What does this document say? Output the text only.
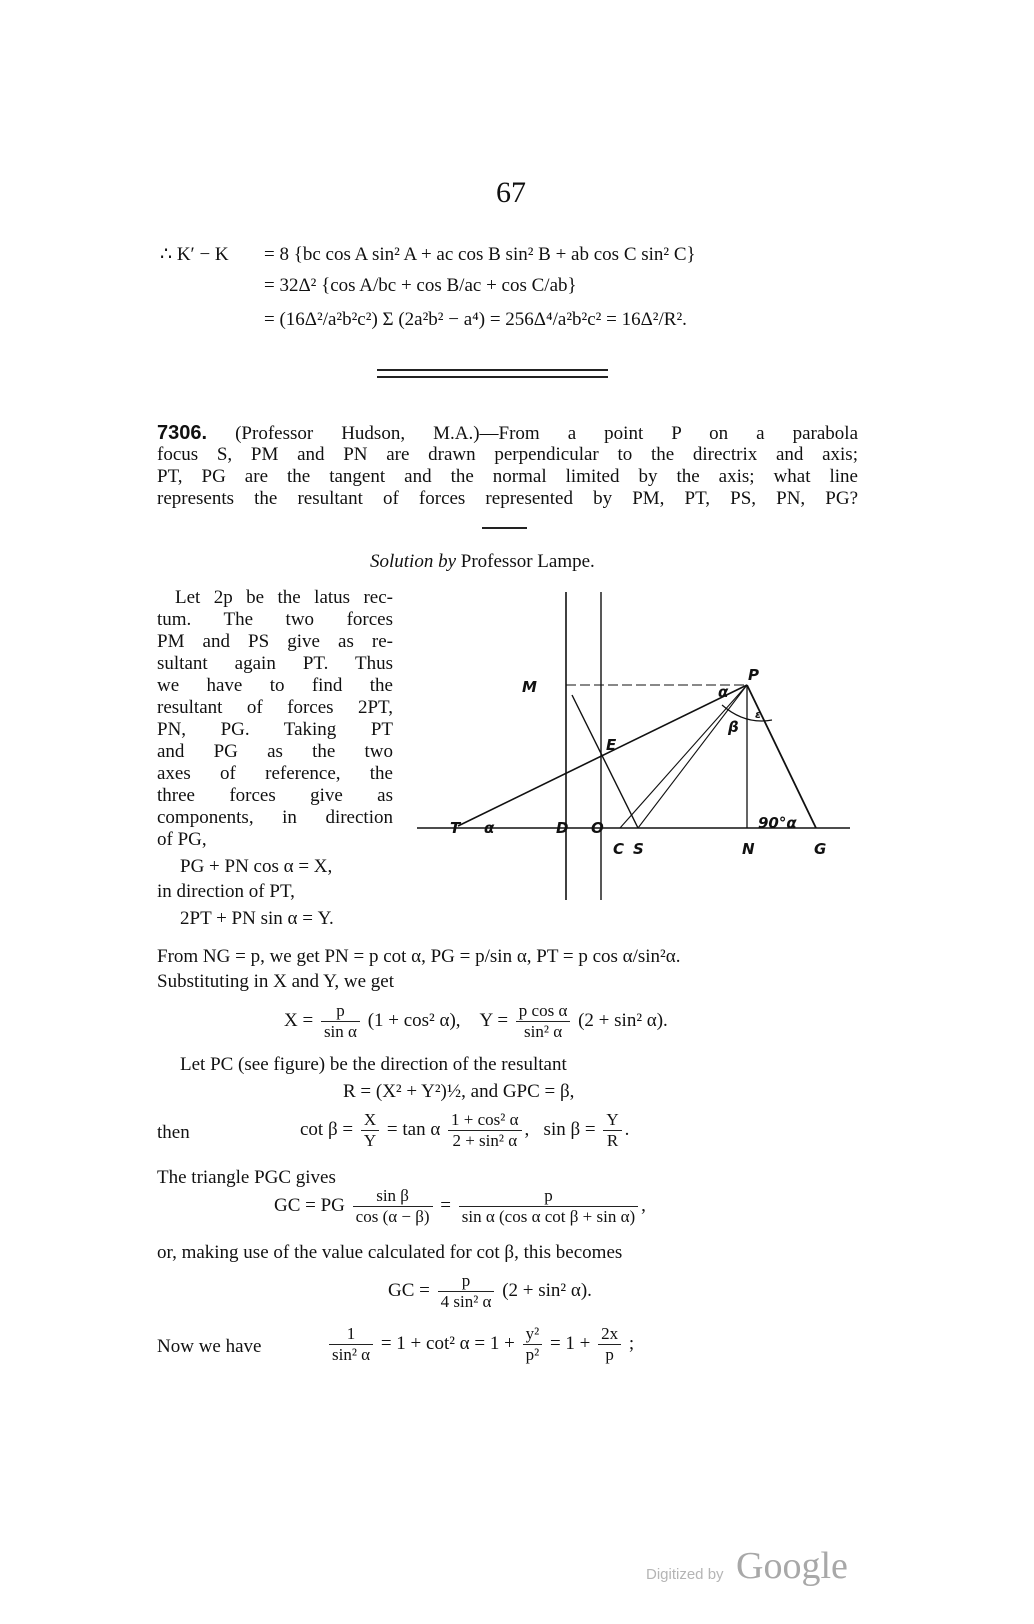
67
∴ K′ − K = 8 {bc cos A sin² A + ac cos B sin² B + ab cos C sin² C}
= 32Δ² {cos A/bc + cos B/ac + cos C/ab}
= (16Δ²/a²b²c²) Σ (2a²b² − a⁴) = 256Δ⁴/a²b²c² = 16Δ²/R².
7306. (Professor Hudson, M.A.)—From a point P on a parabola
focus S, PM and PN are drawn perpendicular to the directrix and axis;
PT, PG are the tangent and the normal limited by the axis; what line
represents the resultant of forces represented by PM, PT, PS, PN, PG?
Solution by Professor Lampe.
Let 2p be the latus rec-
tum. The two forces
PM and PS give as re-
sultant again PT. Thus
we have to find the
resultant of forces 2PT,
PN, PG. Taking PT
and PG as the two
axes of reference, the
three forces give as
components, in direction
of PG,
PG + PN cos α = X,
in direction of PT,
2PT + PN sin α = Y.
M
P
E
T α	D O
C S	N	G
α
ε
β
90°α
From NG = p, we get PN = p cot α, PG = p/sin α, PT = p cos α/sin²α.
Substituting in X and Y, we get
$X = \frac{p}{\text{sin α}} (1 + \cos^2$ α), $Y = \frac{\text{p cos α}}{\text{sin² α}} (2 + \sin^2$ α).
Let PC (see figure) be the direction of the resultant
R = (X² + Y²)½, and GPC = β,
then	$\cot \beta = \frac{X}{Y} = \tan \alpha \frac{\text{1 + cos² α}}{\text{2 + sin² α}}$ , $\sin \beta = \frac{Y}{R}$ .
The triangle PGC gives
GC = PG $\frac{\text{sin β}}{\cos (\alpha - \beta)} = \frac{p}{\text{sin α (cos α cot β + sin α)}}$ ,
or, making use of the value calculated for cot β, this becomes
GC = $\frac{p}{\text{4 sin² α}} (2 + \sin^2$ α).
Now we have	$\frac{1}{\text{sin² α}} = 1 + \cot^2$ $\alpha = 1 + \frac{\text{y²}}{\text{p²}} = 1 + \frac{2x}{p}$ ;
Digitized by Google
